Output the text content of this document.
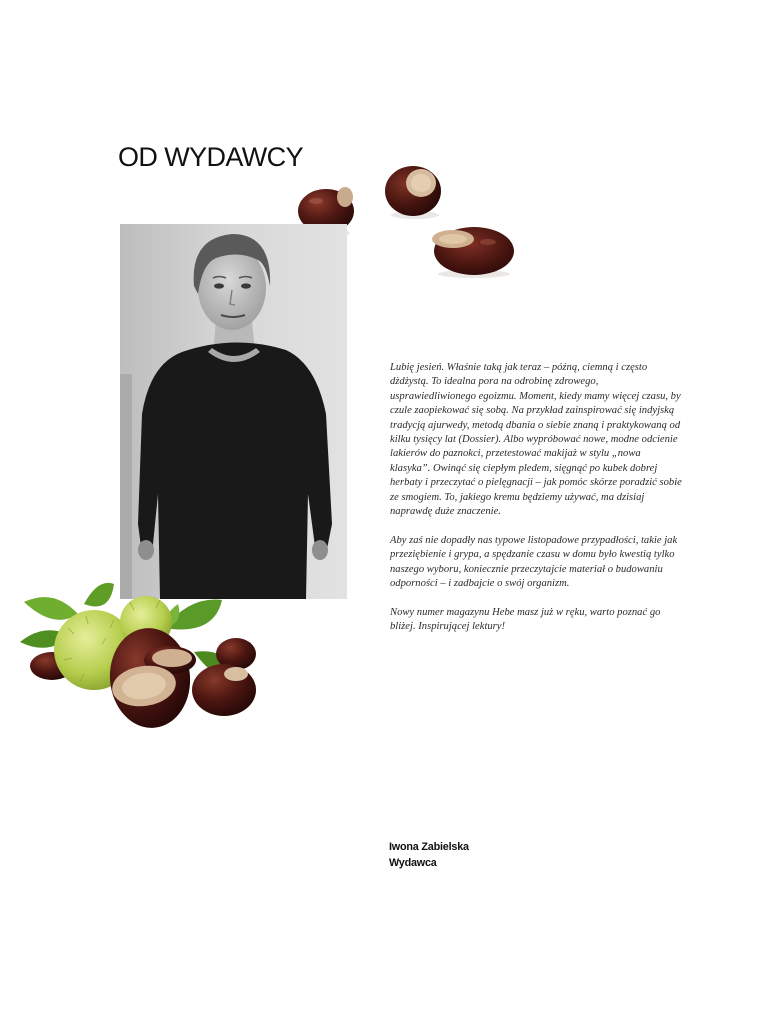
OD WYDAWCY

Lubię jesień. Właśnie taką jak teraz – późną, ciemną i często dżdżystą. To idealna pora na odrobinę zdrowego, usprawiedliwionego egoizmu. Moment, kiedy mamy więcej czasu, by czule zaopiekować się sobą. Na przykład zainspirować się indyjską tradycją ajurwedy, metodą dbania o siebie znaną i praktykowaną od kilku tysięcy lat (Dossier). Albo wypróbować nowe, modne odcienie lakierów do paznokci, przetestować makijaż w stylu „nowa klasyka”. Owinąć się ciepłym pledem, sięgnąć po kubek dobrej herbaty i przeczytać o pielęgnacji – jak pomóc skórze poradzić sobie ze smogiem. To, jakiego kremu będziemy używać, ma dzisiaj naprawdę duże znaczenie.

Aby zaś nie dopadły nas typowe listopadowe przypadłości, takie jak przeziębienie i grypa, a spędzanie czasu w domu było kwestią tylko naszego wyboru, koniecznie przeczytajcie materiał o budowaniu odporności – i zadbajcie o swój organizm.

Nowy numer magazynu Hebe masz już w ręku, warto poznać go bliżej. Inspirującej lektury!

Iwona Zabielska
Wydawca
